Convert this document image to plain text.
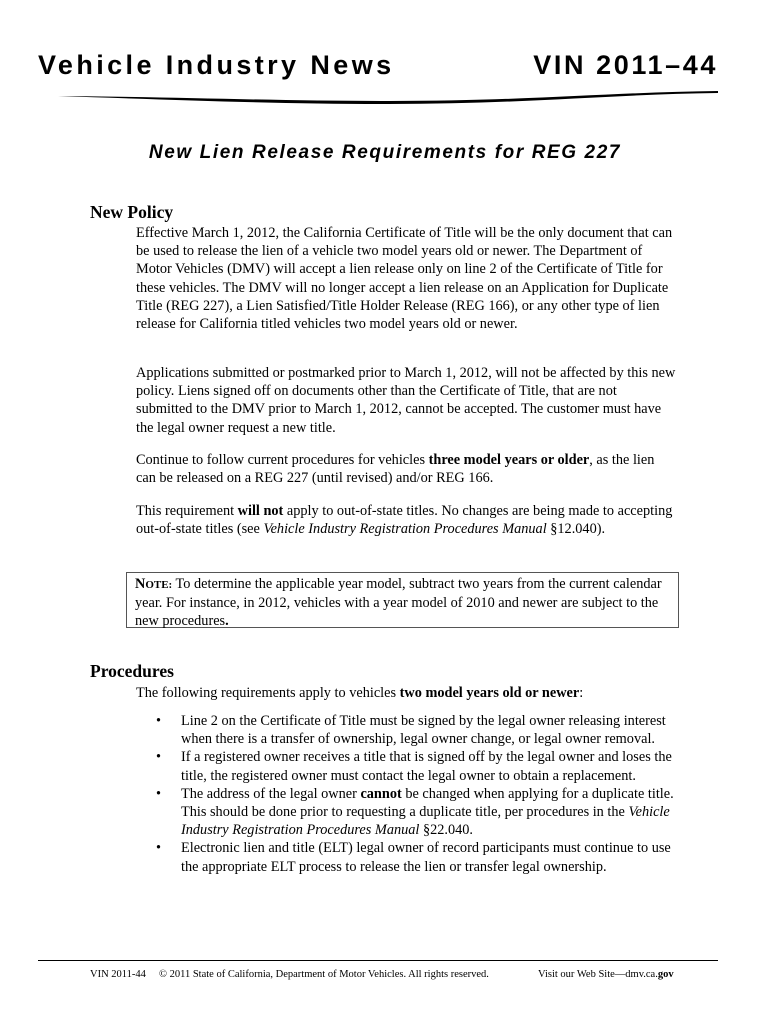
Vehicle Industry News	VIN 2011–44
New Lien Release Requirements for REG 227
New Policy
Effective March 1, 2012, the California Certificate of Title will be the only document that can be used to release the lien of a vehicle two model years old or newer. The Department of Motor Vehicles (DMV) will accept a lien release only on line 2 of the Certificate of Title for these vehicles. The DMV will no longer accept a lien release on an Application for Duplicate Title (REG 227), a Lien Satisfied/Title Holder Release (REG 166), or any other type of lien release for California titled vehicles two model years old or newer.
Applications submitted or postmarked prior to March 1, 2012, will not be affected by this new policy. Liens signed off on documents other than the Certificate of Title, that are not submitted to the DMV prior to March 1, 2012, cannot be accepted. The customer must have the legal owner request a new title.
Continue to follow current procedures for vehicles three model years or older, as the lien can be released on a REG 227 (until revised) and/or REG 166.
This requirement will not apply to out-of-state titles. No changes are being made to accepting out-of-state titles (see Vehicle Industry Registration Procedures Manual §12.040).
NOTE: To determine the applicable year model, subtract two years from the current calendar year. For instance, in 2012, vehicles with a year model of 2010 and newer are subject to the new procedures.
Procedures
The following requirements apply to vehicles two model years old or newer:
• Line 2 on the Certificate of Title must be signed by the legal owner releasing interest when there is a transfer of ownership, legal owner change, or legal owner removal.
• If a registered owner receives a title that is signed off by the legal owner and loses the title, the registered owner must contact the legal owner to obtain a replacement.
• The address of the legal owner cannot be changed when applying for a duplicate title. This should be done prior to requesting a duplicate title, per procedures in the Vehicle Industry Registration Procedures Manual §22.040.
• Electronic lien and title (ELT) legal owner of record participants must continue to use the appropriate ELT process to release the lien or transfer legal ownership.
VIN 2011-44 © 2011 State of California, Department of Motor Vehicles. All rights reserved.	Visit our Web Site—dmv.ca.gov
